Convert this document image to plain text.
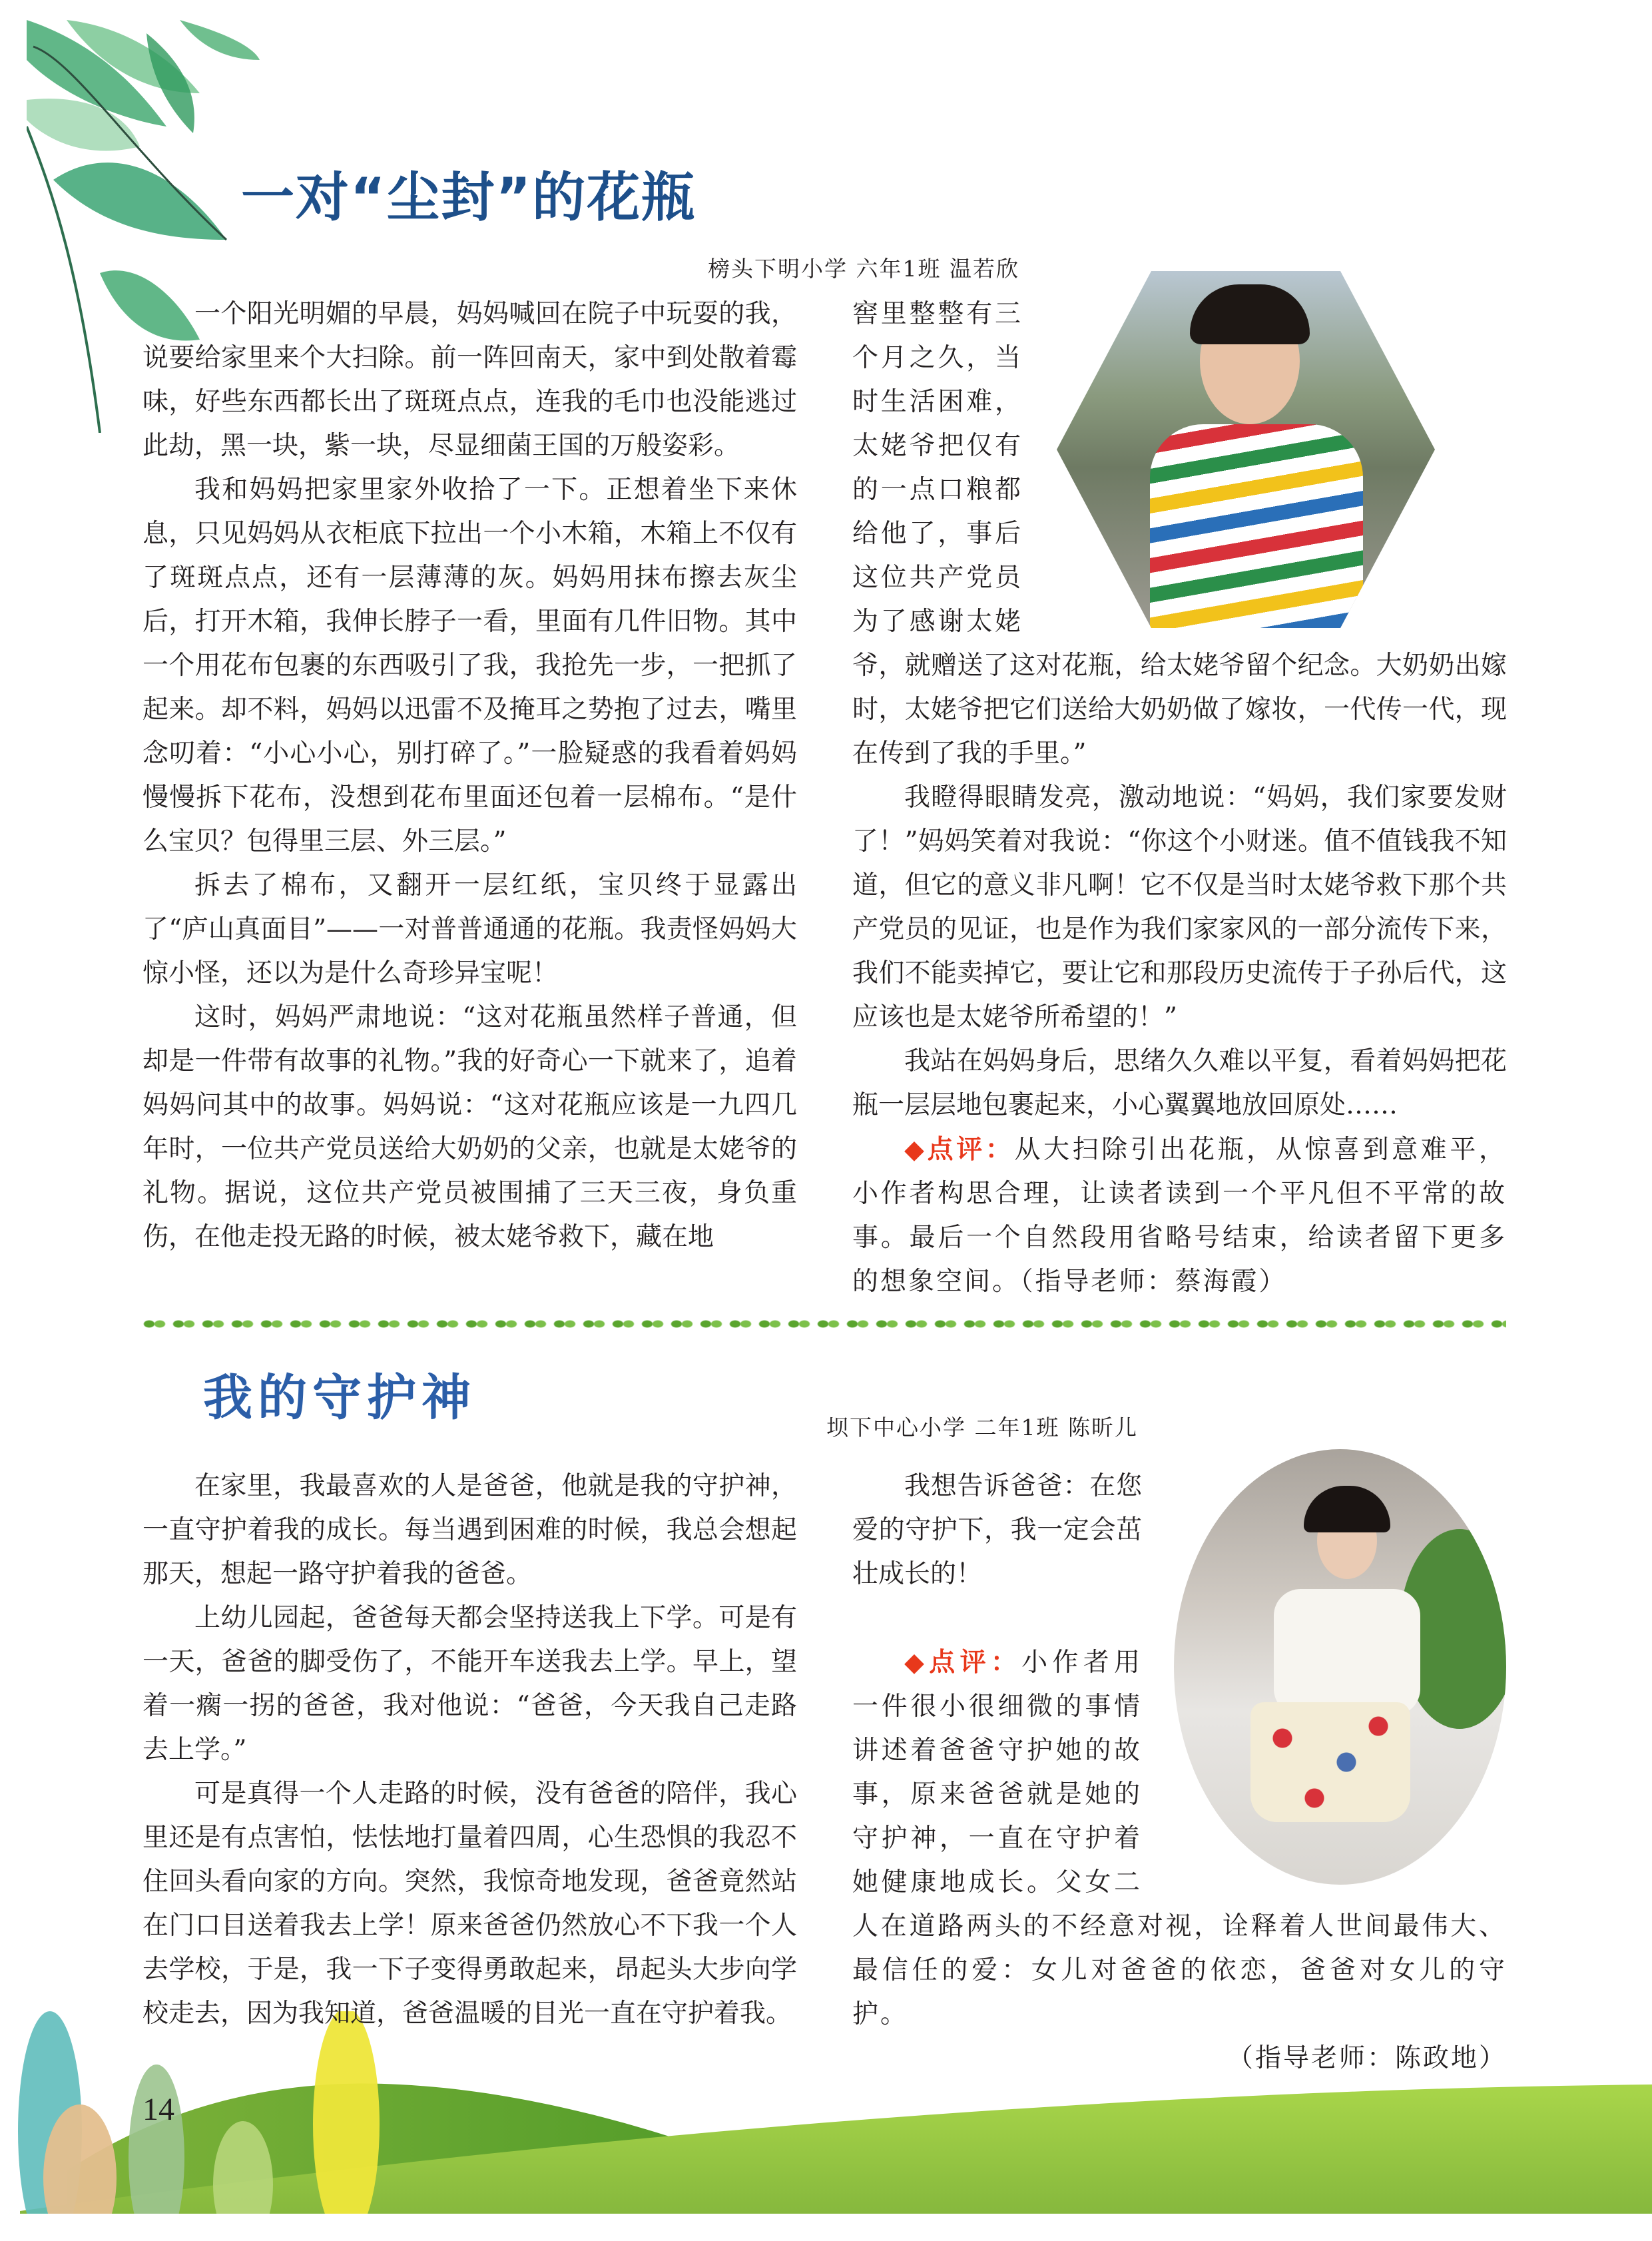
一对“尘封”的花瓶
榜头下明小学 六年1班 温若欣

一个阳光明媚的早晨，妈妈喊回在院子中玩耍的我，说要给家里来个大扫除。前一阵回南天，家中到处散着霉味，好些东西都长出了斑斑点点，连我的毛巾也没能逃过此劫，黑一块，紫一块，尽显细菌王国的万般姿彩。

我和妈妈把家里家外收拾了一下。正想着坐下来休息，只见妈妈从衣柜底下拉出一个小木箱，木箱上不仅有了斑斑点点，还有一层薄薄的灰。妈妈用抹布擦去灰尘后，打开木箱，我伸长脖子一看，里面有几件旧物。其中一个用花布包裹的东西吸引了我，我抢先一步，一把抓了起来。却不料，妈妈以迅雷不及掩耳之势抱了过去，嘴里念叨着：“小心小心，别打碎了。”一脸疑惑的我看着妈妈慢慢拆下花布，没想到花布里面还包着一层棉布。“是什么宝贝？包得里三层、外三层。”

拆去了棉布，又翻开一层红纸，宝贝终于显露出了“庐山真面目”——一对普普通通的花瓶。我责怪妈妈大惊小怪，还以为是什么奇珍异宝呢！

这时，妈妈严肃地说：“这对花瓶虽然样子普通，但却是一件带有故事的礼物。”我的好奇心一下就来了，追着妈妈问其中的故事。妈妈说：“这对花瓶应该是一九四几年时，一位共产党员送给大奶奶的父亲，也就是太姥爷的礼物。据说，这位共产党员被围捕了三天三夜，身负重伤，在他走投无路的时候，被太姥爷救下，藏在地

窖里整整有三个月之久，当时生活困难，太姥爷把仅有的一点口粮都给他了，事后这位共产党员为了感谢太姥爷，就赠送了这对花瓶，给太姥爷留个纪念。大奶奶出嫁时，太姥爷把它们送给大奶奶做了嫁妆，一代传一代，现在传到了我的手里。”

我瞪得眼睛发亮，激动地说：“妈妈，我们家要发财了！”妈妈笑着对我说：“你这个小财迷。值不值钱我不知道，但它的意义非凡啊！它不仅是当时太姥爷救下那个共产党员的见证，也是作为我们家家风的一部分流传下来，我们不能卖掉它，要让它和那段历史流传于子孙后代，这应该也是太姥爷所希望的！”

我站在妈妈身后，思绪久久难以平复，看着妈妈把花瓶一层层地包裹起来，小心翼翼地放回原处……

◆点评：从大扫除引出花瓶，从惊喜到意难平，小作者构思合理，让读者读到一个平凡但不平常的故事。最后一个自然段用省略号结束，给读者留下更多的想象空间。（指导老师：蔡海霞）

我的守护神
坝下中心小学 二年1班 陈昕儿

在家里，我最喜欢的人是爸爸，他就是我的守护神，一直守护着我的成长。每当遇到困难的时候，我总会想起那天，想起一路守护着我的爸爸。

上幼儿园起，爸爸每天都会坚持送我上下学。可是有一天，爸爸的脚受伤了，不能开车送我去上学。早上，望着一瘸一拐的爸爸，我对他说：“爸爸，今天我自己走路去上学。”

可是真得一个人走路的时候，没有爸爸的陪伴，我心里还是有点害怕，怯怯地打量着四周，心生恐惧的我忍不住回头看向家的方向。突然，我惊奇地发现，爸爸竟然站在门口目送着我去上学！原来爸爸仍然放心不下我一个人去学校，于是，我一下子变得勇敢起来，昂起头大步向学校走去，因为我知道，爸爸温暖的目光一直在守护着我。

我想告诉爸爸：在您爱的守护下，我一定会茁壮成长的！

◆点评：小作者用一件很小很细微的事情讲述着爸爸守护她的故事，原来爸爸就是她的守护神，一直在守护着她健康地成长。父女二人在道路两头的不经意对视，诠释着人世间最伟大、最信任的爱：女儿对爸爸的依恋，爸爸对女儿的守护。

（指导老师：陈政地）

14
